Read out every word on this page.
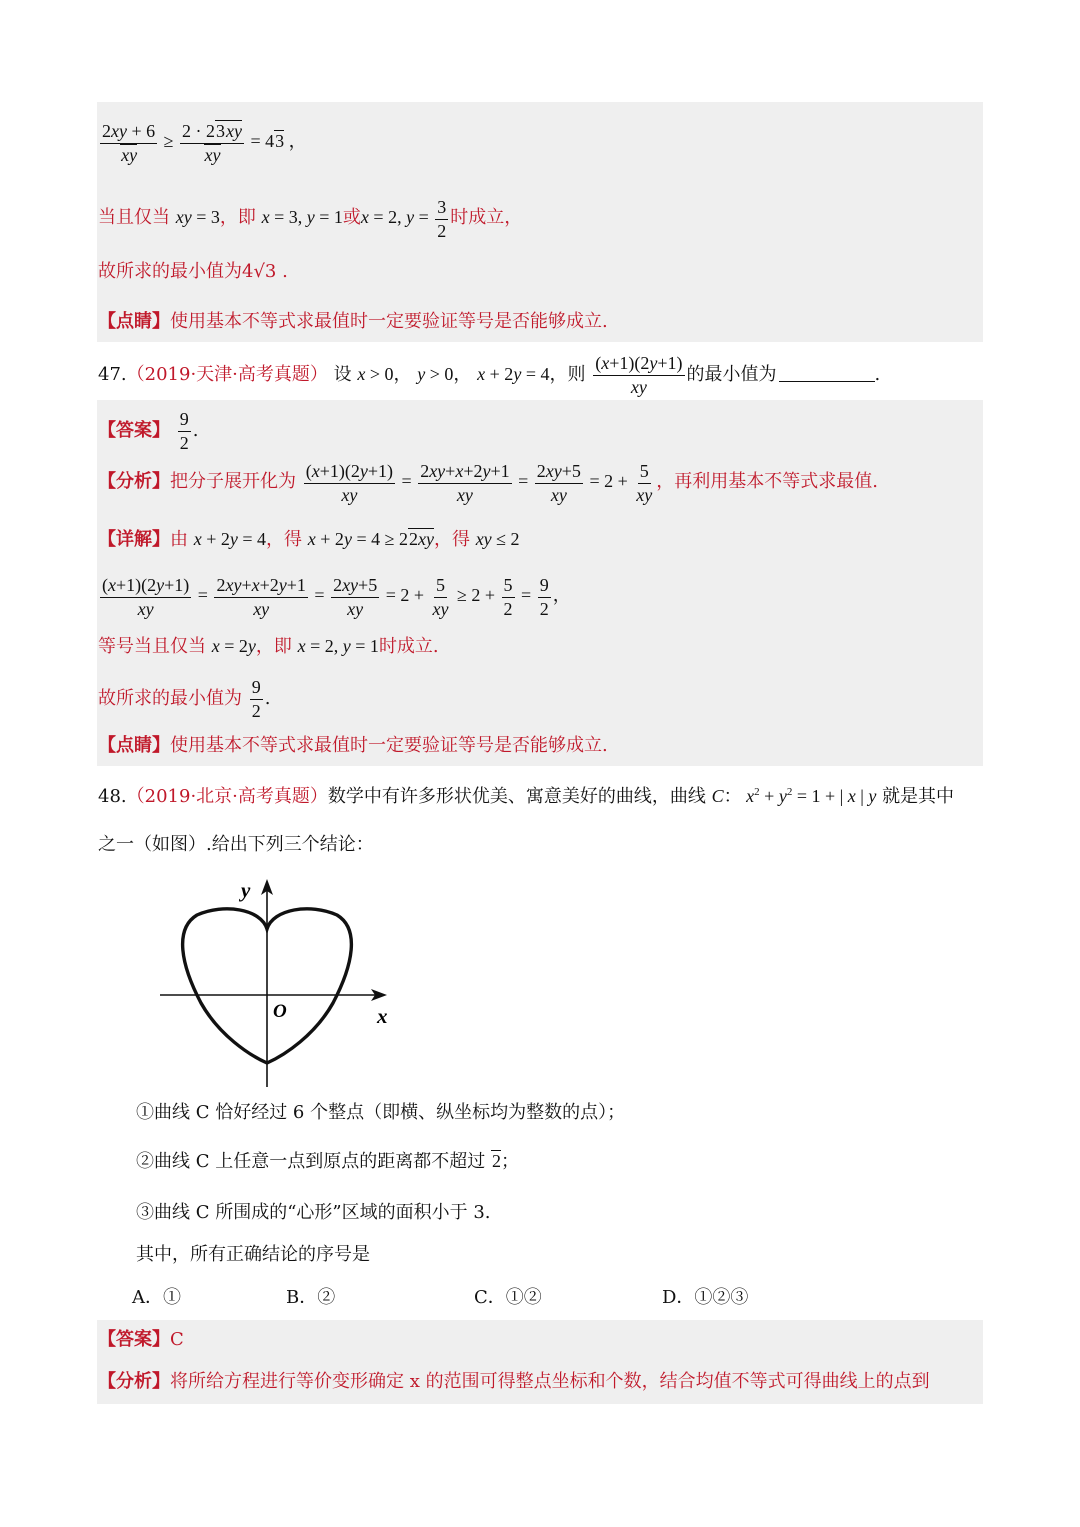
$\frac{2xy + 6}{xy} \ge \frac{2 \cdot 23xy}{xy} = 43$ ，
当且仅当 xy = 3，即 x = 3, y = 1或x = 2, $y = \frac{3}{2}$ 时成立，
故所求的最小值为4√3 .
【点睛】使用基本不等式求最值时一定要验证等号是否能够成立.
47.（2019·天津·高考真题） 设 x > 0， y > 0， x + 2y = 4，则 $\frac{(x+1)(2y+1)}{xy}$ 的最小值为	.
【答案】 $\frac{9}{2}$ .
【分析】把分子展开化为 $\frac{(x+1)(2y+1)}{xy} = \frac{2xy+x+2y+1}{xy} = \frac{2xy+5}{xy} = 2 + \frac{5}{xy}$ ，再利用基本不等式求最值.
【详解】由 x + 2y = 4，得 x + 2y = 4 ≥ 22xy，得 xy ≤ 2
$\frac{(x+1)(2y+1)}{xy} = \frac{2xy+x+2y+1}{xy} = \frac{2xy+5}{xy} = 2 + \frac{5}{xy} \ge 2 + \frac{5}{2} = \frac{9}{2}$ ，
等号当且仅当 x = 2y，即 x = 2, y = 1时成立.
故所求的最小值为 $\frac{9}{2}$ .
【点睛】使用基本不等式求最值时一定要验证等号是否能够成立.
48.（2019·北京·高考真题）数学中有许多形状优美、寓意美好的曲线，曲线 C： $x^2 + y^2 = 1$ + | x | y 就是其中
之一（如图）.给出下列三个结论：
y
x
O
①曲线 C 恰好经过 6 个整点（即横、纵坐标均为整数的点）；
②曲线 C 上任意一点到原点的距离都不超过 2；
③曲线 C 所围成的“心形”区域的面积小于 3.
其中，所有正确结论的序号是
A．①	B．②	C．①②	D．①②③
【答案】C
【分析】将所给方程进行等价变形确定 x 的范围可得整点坐标和个数，结合均值不等式可得曲线上的点到
